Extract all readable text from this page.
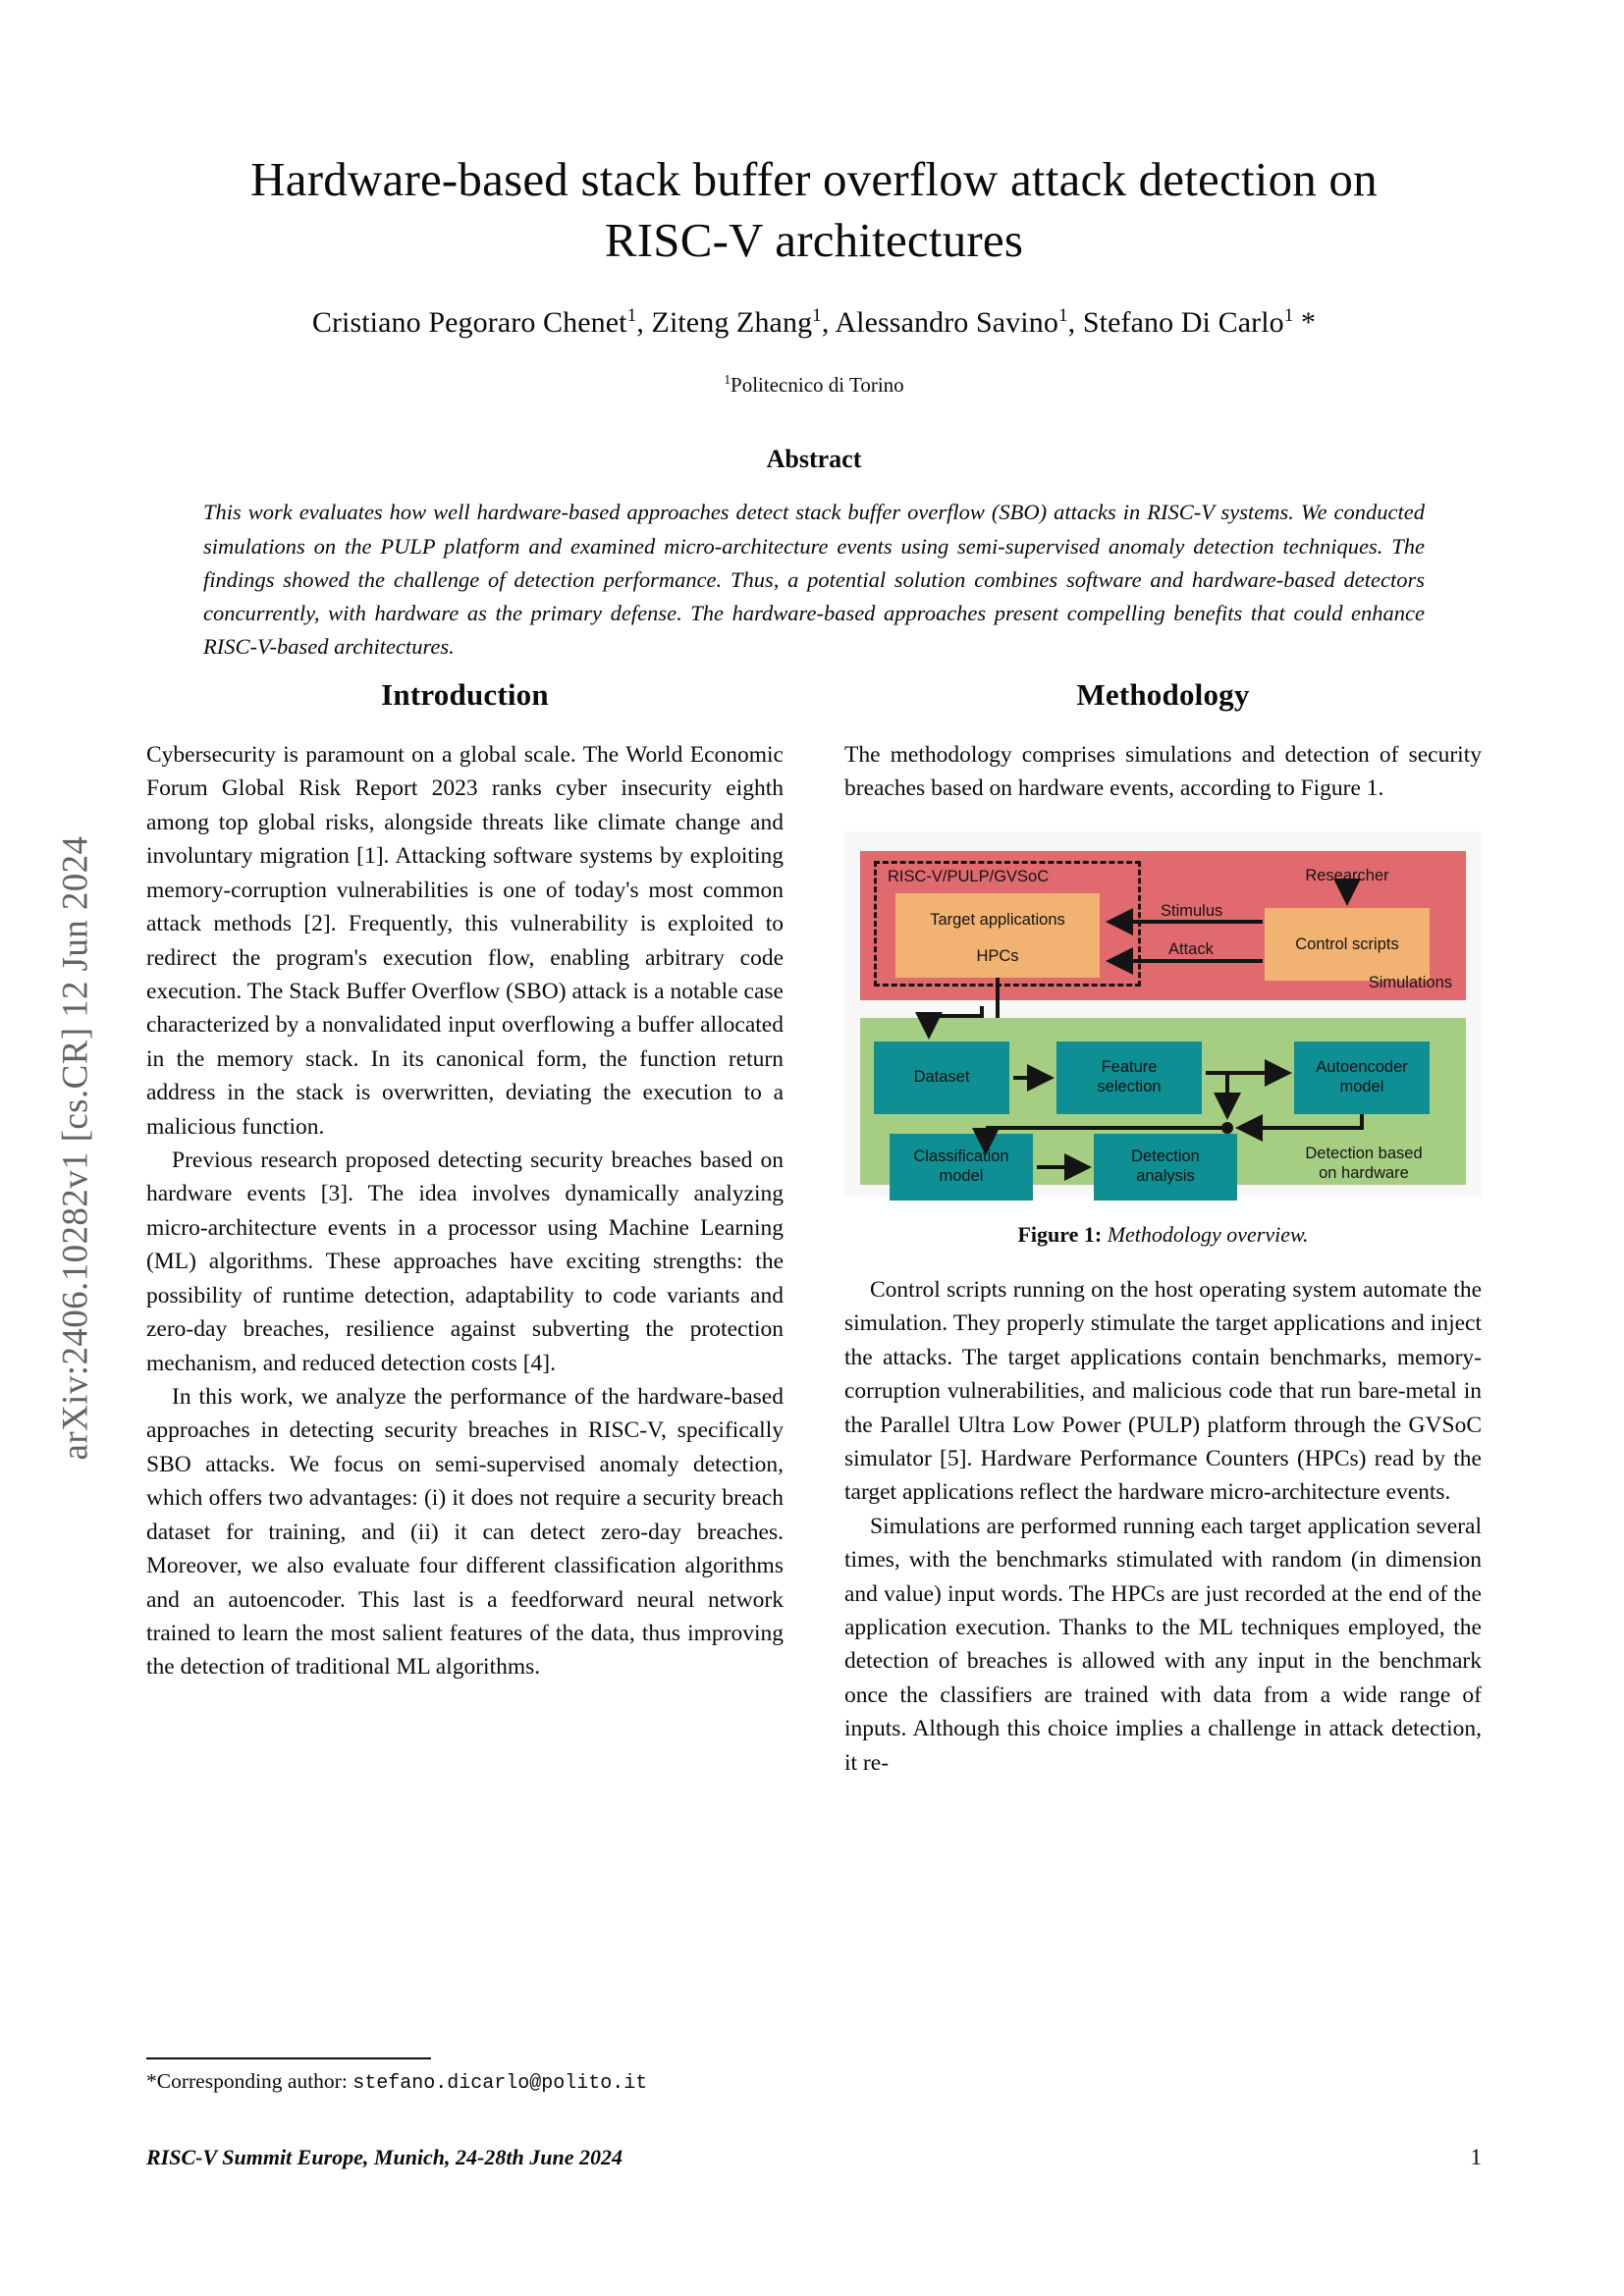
arXiv:2406.10282v1 [cs.CR] 12 Jun 2024
Hardware-based stack buffer overflow attack detection on RISC-V architectures
Cristiano Pegoraro Chenet$^1$, Ziteng Zhang$^1$, Alessandro Savino$^1$, Stefano Di Carlo$^1$ *
$^1$Politecnico di Torino
Abstract
This work evaluates how well hardware-based approaches detect stack buffer overflow (SBO) attacks in RISC-V systems. We conducted simulations on the PULP platform and examined micro-architecture events using semi-supervised anomaly detection techniques. The findings showed the challenge of detection performance. Thus, a potential solution combines software and hardware-based detectors concurrently, with hardware as the primary defense. The hardware-based approaches present compelling benefits that could enhance RISC-V-based architectures.
Introduction

Cybersecurity is paramount on a global scale. The World Economic Forum Global Risk Report 2023 ranks cyber insecurity eighth among top global risks, alongside threats like climate change and involuntary migration [1]. Attacking software systems by exploiting memory-corruption vulnerabilities is one of today's most common attack methods [2]. Frequently, this vulnerability is exploited to redirect the program's execution flow, enabling arbitrary code execution. The Stack Buffer Overflow (SBO) attack is a notable case characterized by a nonvalidated input overflowing a buffer allocated in the memory stack. In its canonical form, the function return address in the stack is overwritten, deviating the execution to a malicious function.

Previous research proposed detecting security breaches based on hardware events [3]. The idea involves dynamically analyzing micro-architecture events in a processor using Machine Learning (ML) algorithms. These approaches have exciting strengths: the possibility of runtime detection, adaptability to code variants and zero-day breaches, resilience against subverting the protection mechanism, and reduced detection costs [4].

In this work, we analyze the performance of the hardware-based approaches in detecting security breaches in RISC-V, specifically SBO attacks. We focus on semi-supervised anomaly detection, which offers two advantages: (i) it does not require a security breach dataset for training, and (ii) it can detect zero-day breaches. Moreover, we also evaluate four different classification algorithms and an autoencoder. This last is a feedforward neural network trained to learn the most salient features of the data, thus improving the detection of traditional ML algorithms.

Methodology

The methodology comprises simulations and detection of security breaches based on hardware events, according to Figure 1.

RISC-V/PULP/GVSoC
Target applications
HPCs
Researcher
Control scripts
Stimulus
Attack
Simulations
Dataset
Feature
selection
Autoencoder
model
Classification
model
Detection
analysis
Detection based
on hardware
Figure 1: Methodology overview.

Control scripts running on the host operating system automate the simulation. They properly stimulate the target applications and inject the attacks. The target applications contain benchmarks, memory-corruption vulnerabilities, and malicious code that run bare-metal in the Parallel Ultra Low Power (PULP) platform through the GVSoC simulator [5]. Hardware Performance Counters (HPCs) read by the target applications reflect the hardware micro-architecture events.

Simulations are performed running each target application several times, with the benchmarks stimulated with random (in dimension and value) input words. The HPCs are just recorded at the end of the application execution. Thanks to the ML techniques employed, the detection of breaches is allowed with any input in the benchmark once the classifiers are trained with data from a wide range of inputs. Although this choice implies a challenge in attack detection, it re-

*Corresponding author: stefano.dicarlo@polito.it
RISC-V Summit Europe, Munich, 24-28th June 2024	1
